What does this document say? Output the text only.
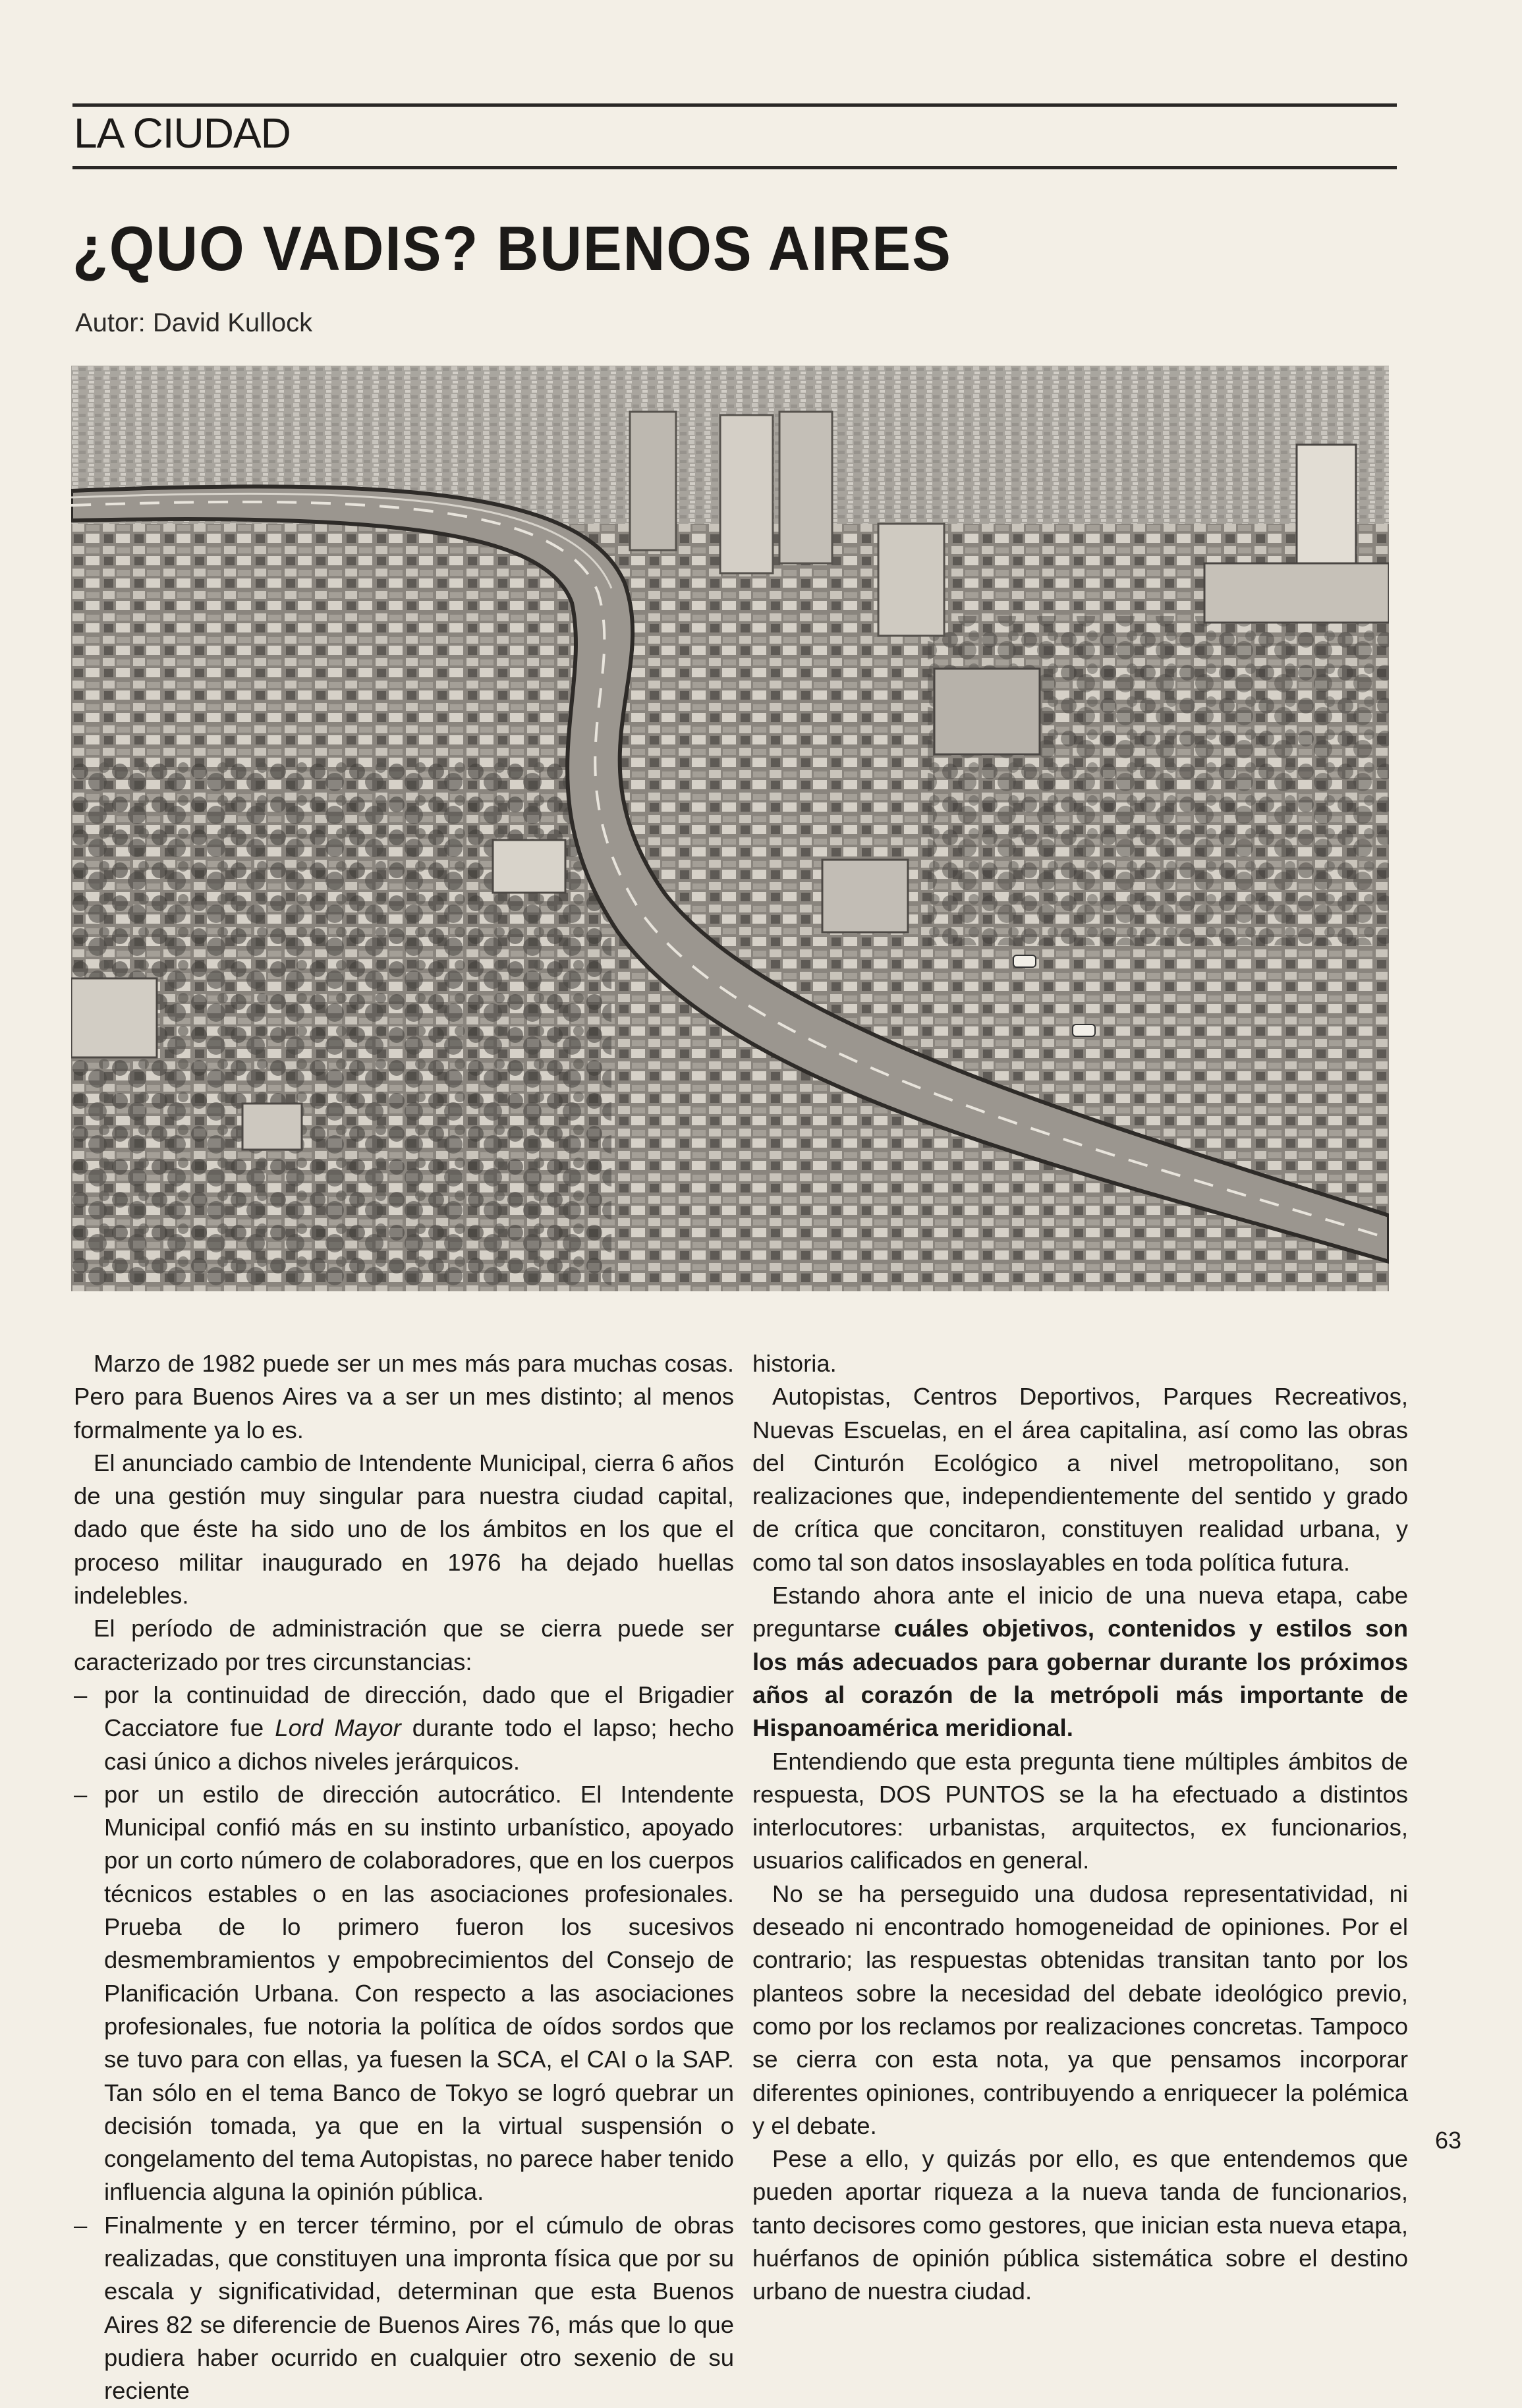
LA CIUDAD
¿QUO VADIS? BUENOS AIRES

Autor: David Kullock

Marzo de 1982 puede ser un mes más para muchas cosas. Pero para Buenos Aires va a ser un mes distinto; al menos formalmente ya lo es.

El anunciado cambio de Intendente Municipal, cierra 6 años de una gestión muy singular para nuestra ciudad capital, dado que éste ha sido uno de los ámbitos en los que el proceso militar inaugurado en 1976 ha dejado huellas indelebles.

El período de administración que se cierra puede ser caracterizado por tres circunstancias:

– por la continuidad de dirección, dado que el Brigadier Cacciatore fue Lord Mayor durante todo el lapso; hecho casi único a dichos niveles jerárquicos.
– por un estilo de dirección autocrático. El Intendente Municipal confió más en su instinto urbanístico, apoyado por un corto número de colaboradores, que en los cuerpos técnicos estables o en las asociaciones profesionales. Prueba de lo primero fueron los sucesivos desmembramientos y empobrecimientos del Consejo de Planificación Urbana. Con respecto a las asociaciones profesionales, fue notoria la política de oídos sordos que se tuvo para con ellas, ya fuesen la SCA, el CAI o la SAP. Tan sólo en el tema Banco de Tokyo se logró quebrar un decisión tomada, ya que en la virtual suspensión o congelamento del tema Autopistas, no parece haber tenido influencia alguna la opinión pública.
– Finalmente y en tercer término, por el cúmulo de obras realizadas, que constituyen una impronta física que por su escala y significatividad, determinan que esta Buenos Aires 82 se diferencie de Buenos Aires 76, más que lo que pudiera haber ocurrido en cualquier otro sexenio de su reciente

historia.

Autopistas, Centros Deportivos, Parques Recreativos, Nuevas Escuelas, en el área capitalina, así como las obras del Cinturón Ecológico a nivel metropolitano, son realizaciones que, independientemente del sentido y grado de crítica que concitaron, constituyen realidad urbana, y como tal son datos insoslayables en toda política futura.

Estando ahora ante el inicio de una nueva etapa, cabe preguntarse cuáles objetivos, contenidos y estilos son los más adecuados para gobernar durante los próximos años al corazón de la metrópoli más importante de Hispanoamérica meridional.

Entendiendo que esta pregunta tiene múltiples ámbitos de respuesta, DOS PUNTOS se la ha efectuado a distintos interlocutores: urbanistas, arquitectos, ex funcionarios, usuarios calificados en general.

No se ha perseguido una dudosa representatividad, ni deseado ni encontrado homogeneidad de opiniones. Por el contrario; las respuestas obtenidas transitan tanto por los planteos sobre la necesidad del debate ideológico previo, como por los reclamos por realizaciones concretas. Tampoco se cierra con esta nota, ya que pensamos incorporar diferentes opiniones, contribuyendo a enriquecer la polémica y el debate.

Pese a ello, y quizás por ello, es que entendemos que pueden aportar riqueza a la nueva tanda de funcionarios, tanto decisores como gestores, que inician esta nueva etapa, huérfanos de opinión pública sistemática sobre el destino urbano de nuestra ciudad.

63
